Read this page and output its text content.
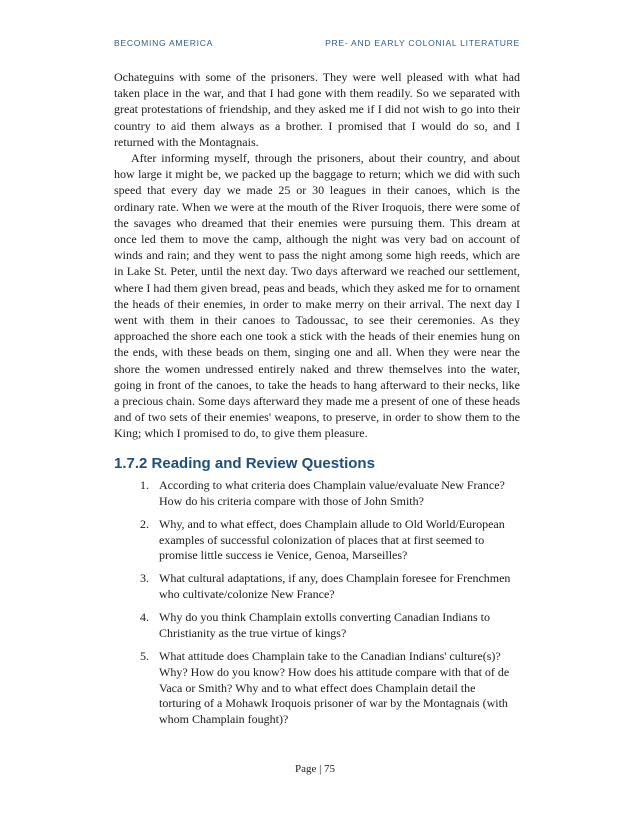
BECOMING AMERICA	PRE- AND EARLY COLONIAL LITERATURE

Ochateguins with some of the prisoners. They were well pleased with what had taken place in the war, and that I had gone with them readily. So we separated with great protestations of friendship, and they asked me if I did not wish to go into their country to aid them always as a brother. I promised that I would do so, and I returned with the Montagnais.

After informing myself, through the prisoners, about their country, and about how large it might be, we packed up the baggage to return; which we did with such speed that every day we made 25 or 30 leagues in their canoes, which is the ordinary rate. When we were at the mouth of the River Iroquois, there were some of the savages who dreamed that their enemies were pursuing them. This dream at once led them to move the camp, although the night was very bad on account of winds and rain; and they went to pass the night among some high reeds, which are in Lake St. Peter, until the next day. Two days afterward we reached our settlement, where I had them given bread, peas and beads, which they asked me for to ornament the heads of their enemies, in order to make merry on their arrival. The next day I went with them in their canoes to Tadoussac, to see their ceremonies. As they approached the shore each one took a stick with the heads of their enemies hung on the ends, with these beads on them, singing one and all. When they were near the shore the women undressed entirely naked and threw themselves into the water, going in front of the canoes, to take the heads to hang afterward to their necks, like a precious chain. Some days afterward they made me a present of one of these heads and of two sets of their enemies' weapons, to preserve, in order to show them to the King; which I promised to do, to give them pleasure.

1.7.2 Reading and Review Questions
1. According to what criteria does Champlain value/evaluate New France? How do his criteria compare with those of John Smith?
2. Why, and to what effect, does Champlain allude to Old World/European examples of successful colonization of places that at first seemed to promise little success ie Venice, Genoa, Marseilles?
3. What cultural adaptations, if any, does Champlain foresee for Frenchmen who cultivate/colonize New France?
4. Why do you think Champlain extolls converting Canadian Indians to Christianity as the true virtue of kings?
5. What attitude does Champlain take to the Canadian Indians' culture(s)? Why? How do you know? How does his attitude compare with that of de Vaca or Smith? Why and to what effect does Champlain detail the torturing of a Mohawk Iroquois prisoner of war by the Montagnais (with whom Champlain fought)?
Page | 75
